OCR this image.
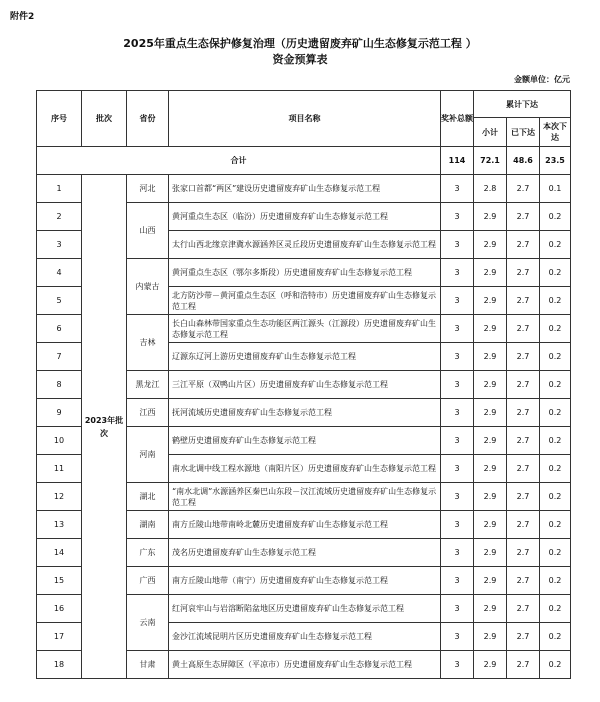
附件2
2025年重点生态保护修复治理（历史遗留废弃矿山生态修复示范工程 ）
资金预算表
金额单位：亿元
序号	批次	省份	项目名称	奖补总额	累计下达		
					小计	已下达	本次下达
合计				114	72.1	48.6	23.5
1	2023年批次	河北	张家口首都“两区”建设历史遗留废弃矿山生态修复示范工程	3	2.8	2.7	0.1
2		山西	黄河重点生态区（临汾）历史遗留废弃矿山生态修复示范工程	3	2.9	2.7	0.2
3			太行山西北缘京津冀水源涵养区灵丘段历史遗留废弃矿山生态修复示范工程	3	2.9	2.7	0.2
4		内蒙古	黄河重点生态区（鄂尔多斯段）历史遗留废弃矿山生态修复示范工程	3	2.9	2.7	0.2
5			北方防沙带－黄河重点生态区（呼和浩特市）历史遗留废弃矿山生态修复示范工程	3	2.9	2.7	0.2
6		吉林	长白山森林带国家重点生态功能区两江源头（江源段）历史遗留废弃矿山生态修复示范工程	3	2.9	2.7	0.2
7			辽源东辽河上游历史遗留废弃矿山生态修复示范工程	3	2.9	2.7	0.2
8		黑龙江	三江平原（双鸭山片区）历史遗留废弃矿山生态修复示范工程	3	2.9	2.7	0.2
9		江西	抚河流域历史遗留废弃矿山生态修复示范工程	3	2.9	2.7	0.2
10		河南	鹤壁历史遗留废弃矿山生态修复示范工程	3	2.9	2.7	0.2
11			南水北调中线工程水源地（南阳片区）历史遗留废弃矿山生态修复示范工程	3	2.9	2.7	0.2
12		湖北	“南水北调”水源涵养区秦巴山东段－汉江流域历史遗留废弃矿山生态修复示范工程	3	2.9	2.7	0.2
13		湖南	南方丘陵山地带南岭北麓历史遗留废弃矿山生态修复示范工程	3	2.9	2.7	0.2
14		广东	茂名历史遗留废弃矿山生态修复示范工程	3	2.9	2.7	0.2
15		广西	南方丘陵山地带（南宁）历史遗留废弃矿山生态修复示范工程	3	2.9	2.7	0.2
16		云南	红河哀牢山与岩溶断陷盆地区历史遗留废弃矿山生态修复示范工程	3	2.9	2.7	0.2
17			金沙江流域昆明片区历史遗留废弃矿山生态修复示范工程	3	2.9	2.7	0.2
18		甘肃	黄土高原生态屏障区（平凉市）历史遗留废弃矿山生态修复示范工程	3	2.9	2.7	0.2
